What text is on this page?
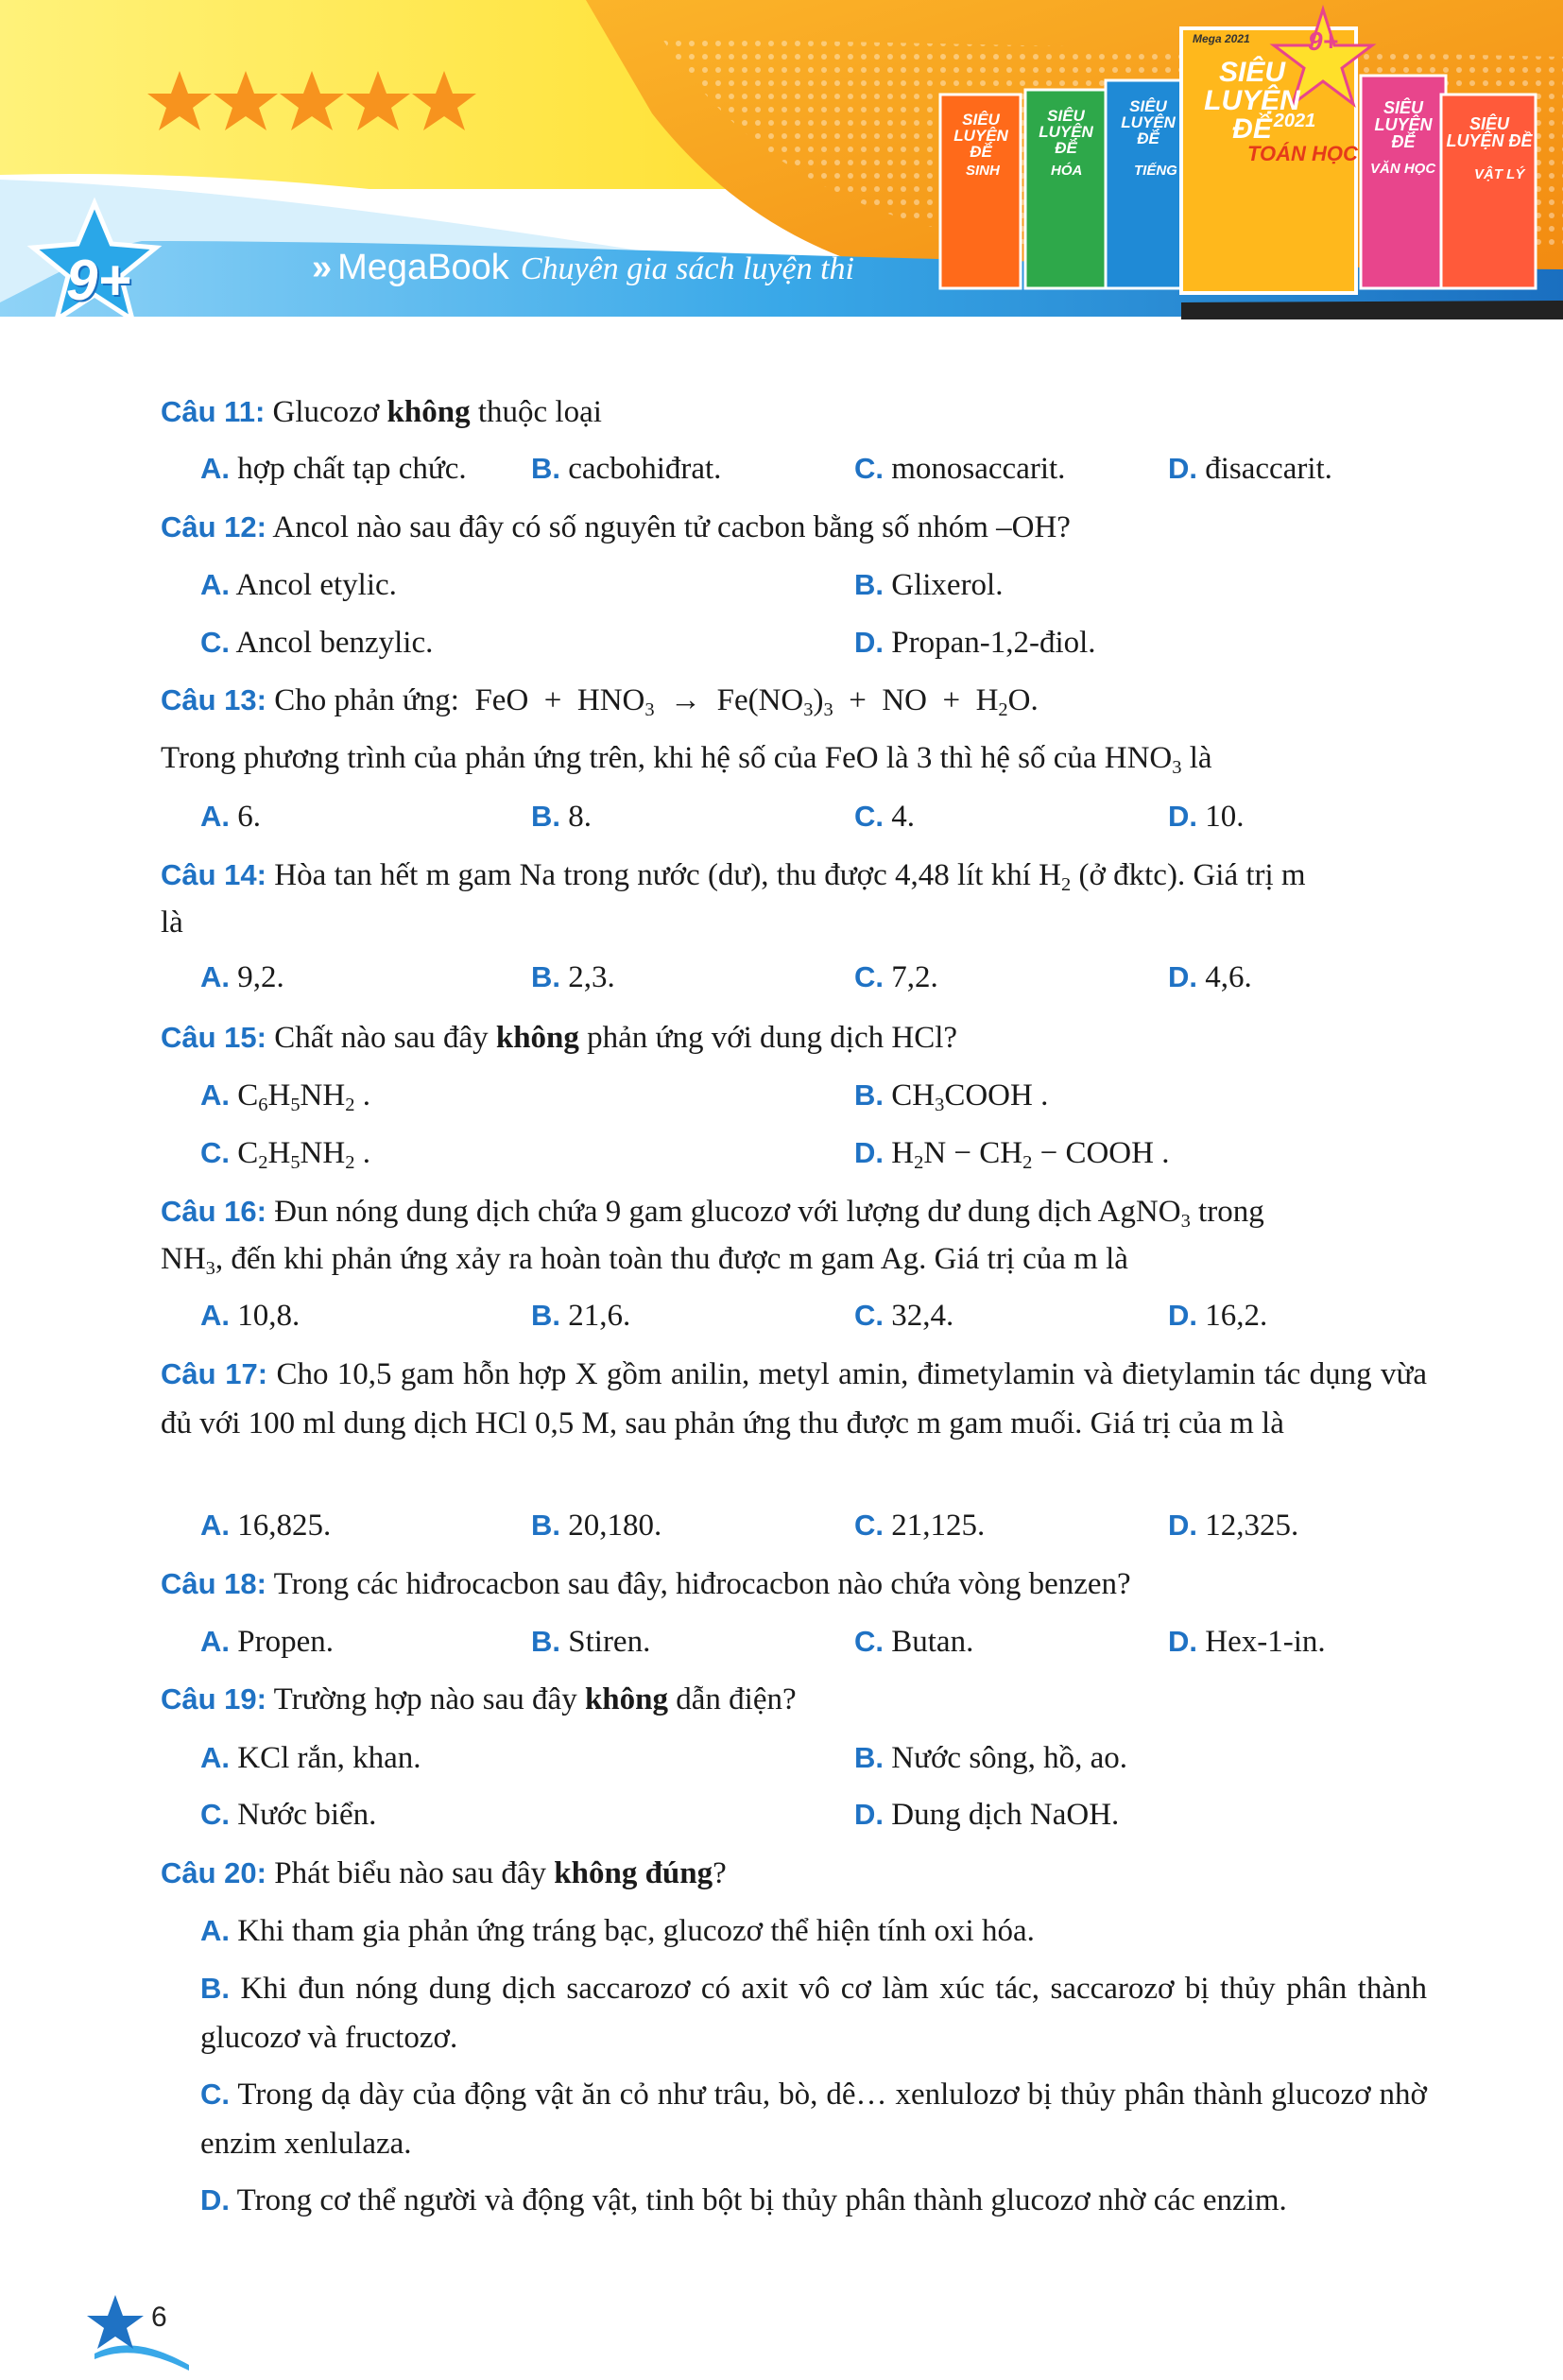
9+	» MegaBook Chuyên gia sách luyện thi
Mega 2021
SIÊU LUYỆN ĐỀ
9+
2021
TOÁN HỌC
SIÊU LUYỆN ĐỀ
VĂN HỌC
SIÊU LUYỆN ĐỀ
VẬT LÝ
SIÊU LUYỆN ĐỀ
SINH
SIÊU LUYỆN ĐỀ
HÓA
SIÊU LUYỆN ĐỀ
TIẾNG
Câu 11: Glucozơ không thuộc loại
A. hợp chất tạp chức. B. cacbohiđrat.	C. monosaccarit.	D. đisaccarit.
Câu 12: Ancol nào sau đây có số nguyên tử cacbon bằng số nhóm –OH?
A. Ancol etylic.	B. Glixerol.
C. Ancol benzylic.	D. Propan-1,2-điol.
Câu 13: Cho phản ứng:  FeO  +  $HNO_3 \to Fe(NO_3)_3$  +  NO  +  $H_2O$.
Trong phương trình của phản ứng trên, khi hệ số của FeO là 3 thì hệ số của $HNO_3$ là
A. 6.	B. 8.	C. 4.	D. 10.
Câu 14: Hòa tan hết m gam Na trong nước (dư), thu được 4,48 lít khí $H_2$ (ở đktc). Giá trị m
là
A. 9,2.	B. 2,3.	C. 7,2.	D. 4,6.
Câu 15: Chất nào sau đây không phản ứng với dung dịch HCl?
A. $C_6H_5NH_2$ .	B. $CH_3COOH$ .
C. $C_2H_5NH_2$ .	D. $H_2N - CH_2$ − COOH .
Câu 16: Đun nóng dung dịch chứa 9 gam glucozơ với lượng dư dung dịch AgNO$_3$ trong
$NH_3$, đến khi phản ứng xảy ra hoàn toàn thu được m gam Ag. Giá trị của m là
A. 10,8.	B. 21,6.	C. 32,4.	D. 16,2.
Câu 17: Cho 10,5 gam hỗn hợp X gồm anilin, metyl amin, đimetylamin và đietylamin tác dụng vừa đủ với 100 ml dung dịch HCl 0,5 M, sau phản ứng thu được m gam muối. Giá trị của m là
A. 16,825.	B. 20,180.	C. 21,125.	D. 12,325.
Câu 18: Trong các hiđrocacbon sau đây, hiđrocacbon nào chứa vòng benzen?
A. Propen.	B. Stiren.	C. Butan.	D. Hex-1-in.
Câu 19: Trường hợp nào sau đây không dẫn điện?
A. KCl rắn, khan.	B. Nước sông, hồ, ao.
C. Nước biển.	D. Dung dịch NaOH.
Câu 20: Phát biểu nào sau đây không đúng?
A. Khi tham gia phản ứng tráng bạc, glucozơ thể hiện tính oxi hóa.
B. Khi đun nóng dung dịch saccarozơ có axit vô cơ làm xúc tác, saccarozơ bị thủy phân thành glucozơ và fructozơ.
C. Trong dạ dày của động vật ăn cỏ như trâu, bò, dê… xenlulozơ bị thủy phân thành glucozơ nhờ enzim xenlulaza.
D. Trong cơ thể người và động vật, tinh bột bị thủy phân thành glucozơ nhờ các enzim.
6
